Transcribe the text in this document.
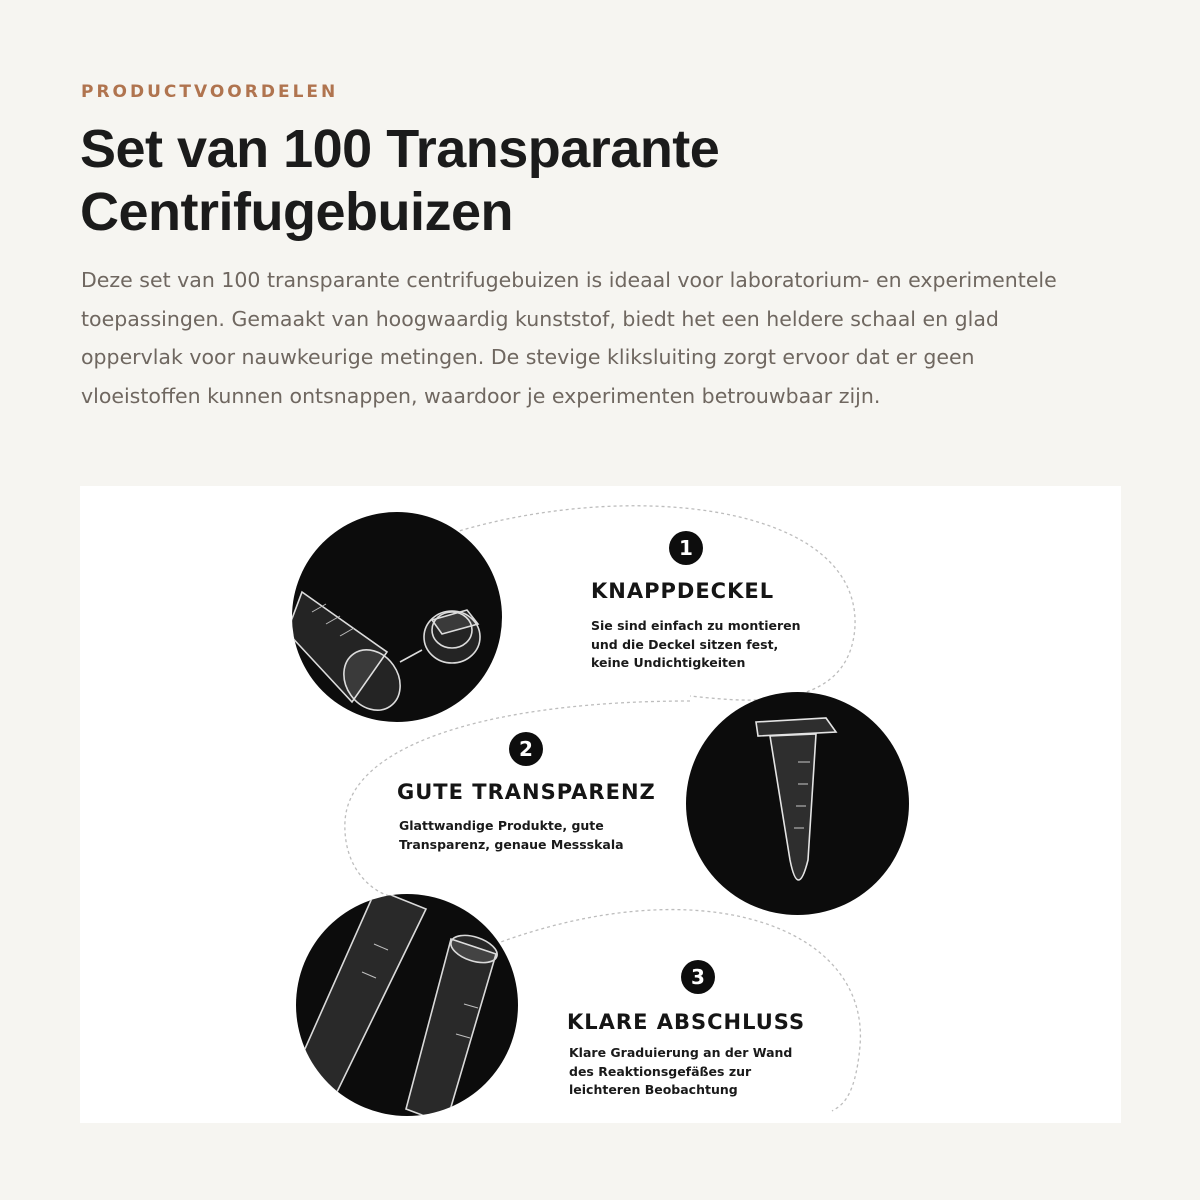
PRODUCTVOORDELEN
Set van 100 Transparante Centrifugebuizen

Deze set van 100 transparante centrifugebuizen is ideaal voor laboratorium- en experimentele toepassingen. Gemaakt van hoogwaardig kunststof, biedt het een heldere schaal en glad oppervlak voor nauwkeurige metingen. De stevige kliksluiting zorgt ervoor dat er geen vloeistoffen kunnen ontsnappen, waardoor je experimenten betrouwbaar zijn.

1
KNAPPDECKEL
Sie sind einfach zu montieren
und die Deckel sitzen fest,
keine Undichtigkeiten
2
GUTE TRANSPARENZ
Glattwandige Produkte, gute
Transparenz, genaue Messskala
3
KLARE ABSCHLUSS
Klare Graduierung an der Wand
des Reaktionsgefäßes zur
leichteren Beobachtung
